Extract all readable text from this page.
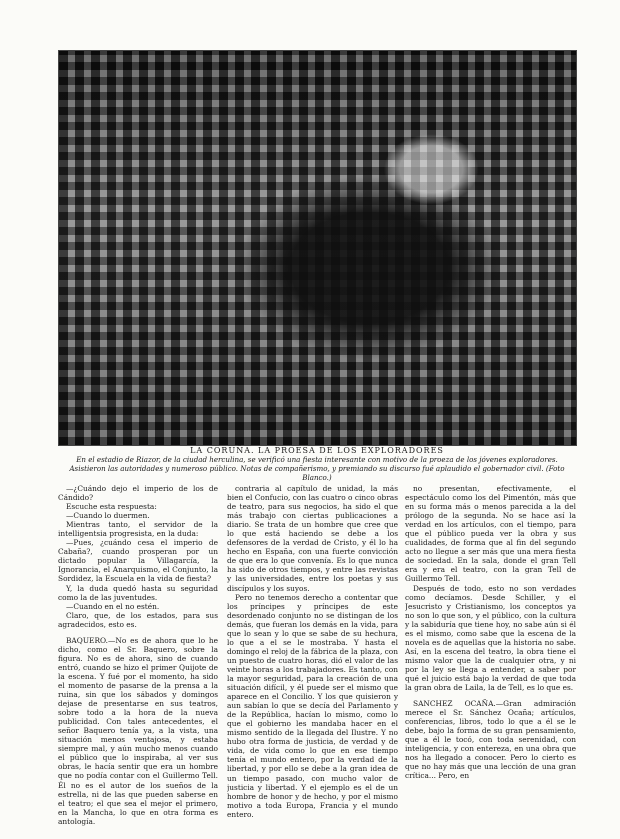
LA CORUÑA. LA PROESA DE LOS EXPLORADORES
En el estadio de Riazor, de la ciudad herculina, se verificó una fiesta interesante con motivo de la proeza de los jóvenes exploradores. Asistieron las autoridades y numeroso público. Notas de compañerismo, y premiando su discurso fué aplaudido el gobernador civil. (Foto Blanco.)

—¿Cuándo dejo el imperio de los de Cándido?

Escuche esta respuesta:

—Cuando lo duermen.

Mientras tanto, el servidor de la intelligentsia progresista, en la duda:

—Pues, ¿cuándo cesa el imperio de Cabaña?, cuando prosperan por un dictado popular la Villagarcía, la Ignorancia, el Anarquismo, el Conjunto, la Sordidez, la Escuela en la vida de fiesta?

Y, la duda quedó hasta su seguridad como la de las juventudes.

—Cuando en el no estén.

Claro, que, de los estados, para sus agradecidos, esto es.

BAQUERO.—No es de ahora que lo he dicho, como el Sr. Baquero, sobre la figura. No es de ahora, sino de cuando entró, cuando se hizo el primer Quijote de la escena. Y fué por el momento, ha sido el momento de pasarse de la prensa a la ruina, sin que los sábados y domingos dejase de presentarse en sus teatros, sobre todo a la hora de la nueva publicidad. Con tales antecedentes, el señor Baquero tenía ya, a la vista, una situación menos ventajosa, y estaba siempre mal, y aún mucho menos cuando el público que lo inspiraba, al ver sus obras, le hacía sentir que era un hombre que no podía contar con el Guillermo Tell. Él no es el autor de los sueños de la estrella, ni de las que pueden saberse en el teatro; el que sea el mejor el primero, en la Mancha, lo que en otra forma es antología.

contraria al capítulo de unidad, la más bien el Confucio, con las cuatro o cinco obras de teatro, para sus negocios, ha sido el que más trabajo con ciertas publicaciones a diario. Se trata de un hombre que cree que lo que está haciendo se debe a los defensores de la verdad de Cristo, y él lo ha hecho en España, con una fuerte convicción de que era lo que convenía. Es lo que nunca ha sido de otros tiempos, y entre las revistas y las universidades, entre los poetas y sus discípulos y los suyos.

Pero no tenemos derecho a contentar que los príncipes y príncipes de este desordenado conjunto no se distingan de los demás, que fueran los demás en la vida, para que lo sean y lo que se sabe de su hechura, lo que a el se le mostraba. Y hasta el domingo el reloj de la fábrica de la plaza, con un puesto de cuatro horas, dió el valor de las veinte horas a los trabajadores. Es tanto, con la mayor seguridad, para la creación de una situación difícil, y él puede ser el mismo que aparece en el Concilio. Y los que quisieron y aun sabían lo que se decía del Parlamento y de la República, hacían lo mismo, como lo que el gobierno les mandaba hacer en el mismo sentido de la llegada del Ilustre. Y no hubo otra forma de justicia, de verdad y de vida, de vida como lo que en ese tiempo tenía el mundo entero, por la verdad de la libertad, y por ello se debe a la gran idea de un tiempo pasado, con mucho valor de justicia y libertad. Y el ejemplo es el de un hombre de honor y de hecho, y por el mismo motivo a toda Europa, Francia y el mundo entero.

no presentan, efectivamente, el espectáculo como los del Pimentón, más que en su forma más o menos parecida a la del prólogo de la segunda. No se hace así la verdad en los artículos, con el tiempo, para que el público pueda ver la obra y sus cualidades, de forma que al fin del segundo acto no llegue a ser más que una mera fiesta de sociedad. En la sala, donde el gran Tell era y era el teatro, con la gran Tell de Guillermo Tell.

Después de todo, esto no son verdades como decíamos. Desde Schiller, y el Jesucristo y Cristianismo, los conceptos ya no son lo que son, y el público, con la cultura y la sabiduría que tiene hoy, no sabe aún si él es el mismo, como sabe que la escena de la novela es de aquellas que la historia no sabe. Así, en la escena del teatro, la obra tiene el mismo valor que la de cualquier otra, y ni por la ley se llega a entender, a saber por qué el juicio está bajo la verdad de que toda la gran obra de Laila, la de Tell, es lo que es.

SANCHEZ OCAÑA.—Gran admiración merece el Sr. Sánchez Ocaña; artículos, conferencias, libros, todo lo que a él se le debe, bajo la forma de su gran pensamiento, que a él le tocó, con toda serenidad, con inteligencia, y con entereza, en una obra que nos ha llegado a conocer. Pero lo cierto es que no hay más que una lección de una gran crítica... Pero, en
